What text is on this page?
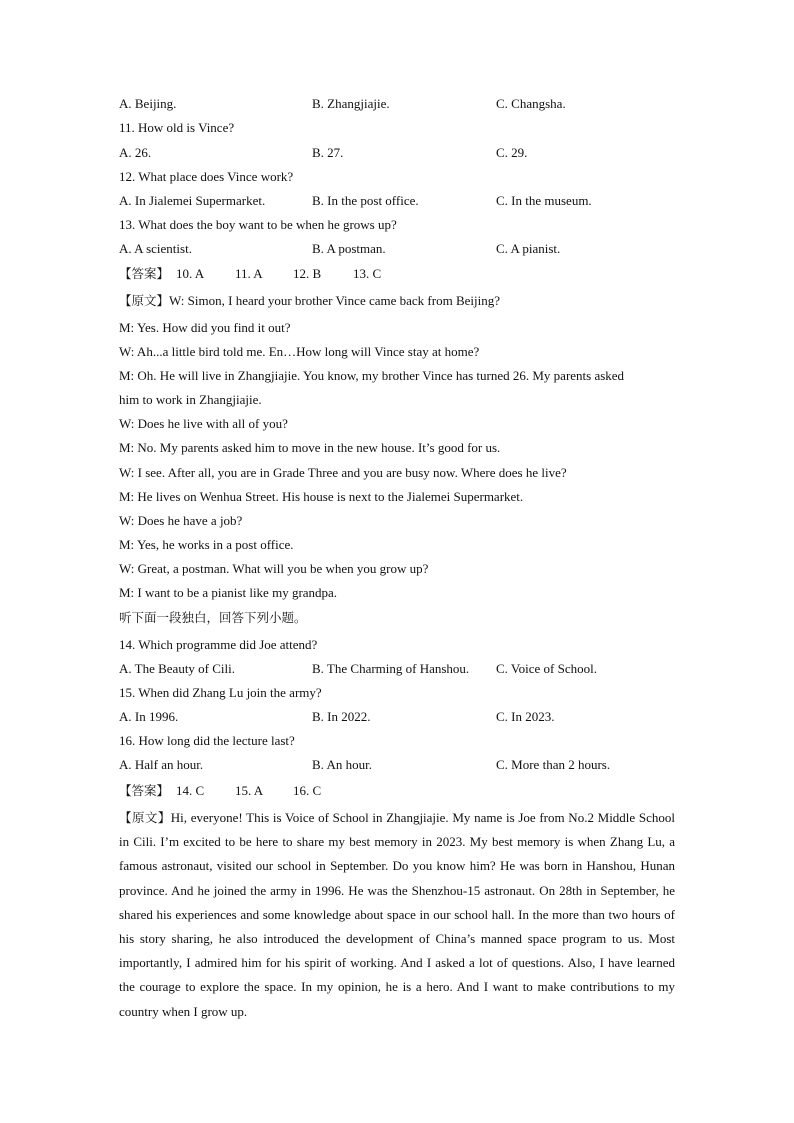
A. Beijing.	B. Zhangjiajie.	C. Changsha.
11. How old is Vince?
A. 26.	B. 27.	C. 29.
12. What place does Vince work?
A. In Jialemei Supermarket.	B. In the post office.	C. In the museum.
13. What does the boy want to be when he grows up?
A. A scientist.	B. A postman.	C. A pianist.
【答案】 10. A 11. A 12. B 13. C
【原文】W: Simon, I heard your brother Vince came back from Beijing?
M: Yes. How did you find it out?
W: Ah...a little bird told me. En…How long will Vince stay at home?
M: Oh. He will live in Zhangjiajie. You know, my brother Vince has turned 26. My parents asked
him to work in Zhangjiajie.
W: Does he live with all of you?
M: No. My parents asked him to move in the new house. It’s good for us.
W: I see. After all, you are in Grade Three and you are busy now. Where does he live?
M: He lives on Wenhua Street. His house is next to the Jialemei Supermarket.
W: Does he have a job?
M: Yes, he works in a post office.
W: Great, a postman. What will you be when you grow up?
M: I want to be a pianist like my grandpa.
听下面一段独白，回答下列小题。
14. Which programme did Joe attend?
A. The Beauty of Cili.	B. The Charming of Hanshou. C. Voice of School.
15. When did Zhang Lu join the army?
A. In 1996.	B. In 2022.	C. In 2023.
16. How long did the lecture last?
A. Half an hour.	B. An hour.	C. More than 2 hours.
【答案】 14. C 15. A 16. C
【原文】Hi, everyone! This is Voice of School in Zhangjiajie. My name is Joe from No.2 Middle School in Cili. I’m excited to be here to share my best memory in 2023. My best memory is when Zhang Lu, a famous astronaut, visited our school in September. Do you know him? He was born in Hanshou, Hunan province. And he joined the army in 1996. He was the Shenzhou-15 astronaut. On 28th in September, he shared his experiences and some knowledge about space in our school hall. In the more than two hours of his story sharing, he also introduced the development of China’s manned space program to us. Most importantly, I admired him for his spirit of working. And I asked a lot of questions. Also, I have learned the courage to explore the space. In my opinion, he is a hero. And I want to make contributions to my country when I grow up.
